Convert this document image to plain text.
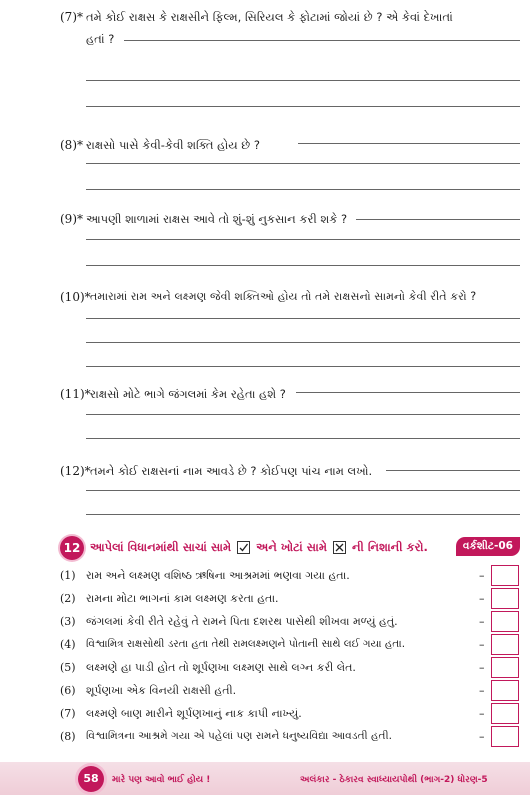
(7)* તમે કોઈ રાક્ષસ કે રાક્ષસીને ફિલ્મ, સિરિયલ કે ફોટામાં જોયાં છે ? એ કેવાં દેખાતાં
હતાં ?
(8)* રાક્ષસો પાસે કેવી-કેવી શક્તિ હોય છે ?
(9)* આપણી શાળામાં રાક્ષસ આવે તો શું-શું નુકસાન કરી શકે ?
(10)* તમારામાં રામ અને લક્ષ્મણ જેવી શક્તિઓ હોય તો તમે રાક્ષસનો સામનો કેવી રીતે કરો ?
(11)* રાક્ષસો મોટે ભાગે જંગલમાં કેમ રહેતા હશે ?
(12)* તમને કોઈ રાક્ષસનાં નામ આવડે છે ? કોઈપણ પાંચ નામ લખો.
12 આપેલાં વિધાનમાંથી સાચાં સામે અને ખોટાં સામે ની નિશાની કરો.	વર્કશીટ-06
(1) રામ અને લક્ષ્મણ વશિષ્ઠ ઋષિના આશ્રમમાં ભણવા ગયા હતા.	–
(2) રામના મોટા ભાગનાં કામ લક્ષ્મણ કરતા હતા.	–
(3) જંગલમાં કેવી રીતે રહેવું તે રામને પિતા દશરથ પાસેથી શીખવા મળ્યું હતું.	–
(4) વિશ્વામિત્ર રાક્ષસોથી ડરતા હતા તેથી રામલક્ષ્મણને પોતાની સાથે લઈ ગયા હતા.	–
(5) લક્ષ્મણે હા પાડી હોત તો શૂર્પણખા લક્ષ્મણ સાથે લગ્ન કરી લેત.	–
(6) શૂર્પણખા એક વિનયી રાક્ષસી હતી.	–
(7) લક્ષ્મણે બાણ મારીને શૂર્પણખાનું નાક કાપી નાખ્યું.	–
(8) વિશ્વામિત્રના આશ્રમે ગયા એ પહેલાં પણ રામને ધનુષ્યવિદ્યા આવડતી હતી.	–
58	મારે પણ આવો ભાઈ હોય !	અલંકાર - ઠેકારવ સ્વાધ્યાયપોથી (ભાગ-2) ધોરણ-5
